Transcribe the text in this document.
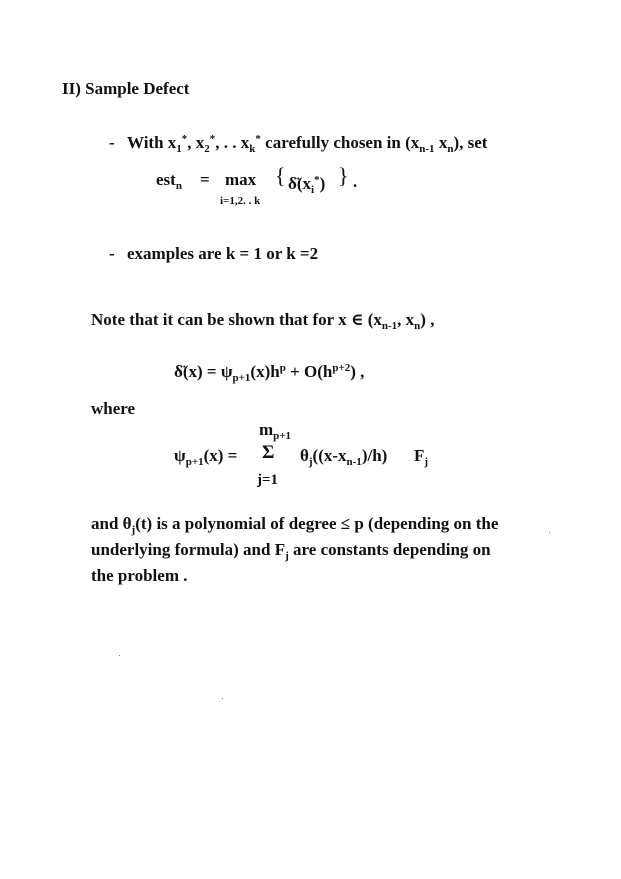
II) Sample Defect
- With $x_1^*$, $x_2^*$, . . $x_k^*$ carefully chosen in ($x_{n-1}$ $x_n$), set
est$_n$ = max
i=1,2. . k
{ $\deltä(x_i^*)$ } .
- examples are k = 1 or k =2
Note that it can be shown that for x ∈ ($x_{n-1}$, $x_n$) ,
δ̈(x) = $\psi_{p+1}(x)h^p + O(h^{p+2})$ ,
where
$m_{p+1}$
$\psi_{p+1}(x) = \Sigma$ $\theta_j((x-x_{n-1})/h)$ $F_j$
j=1
and $\theta_j(t)$ is a polynomial of degree ≤ p (depending on the
underlying formula) and $F_j$ are constants depending on
the problem .
